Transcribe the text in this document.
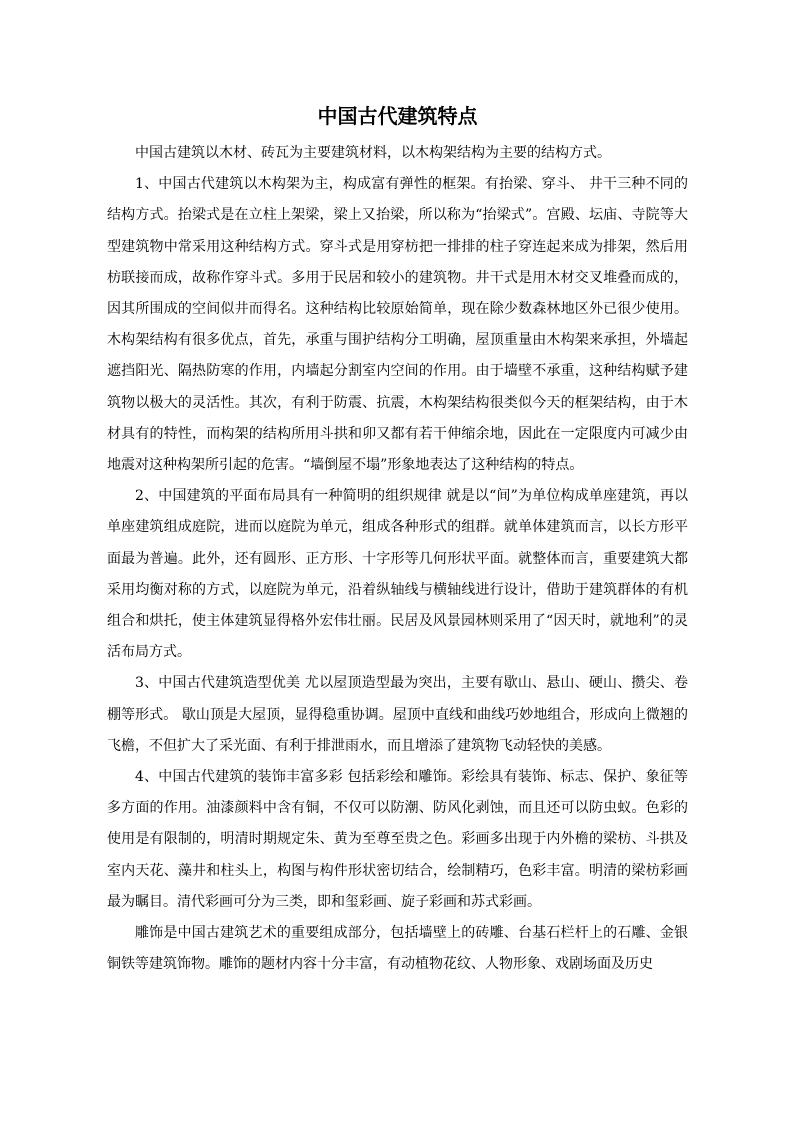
中国古代建筑特点

中国古建筑以木材、砖瓦为主要建筑材料，以木构架结构为主要的结构方式。

1、中国古代建筑以木构架为主，构成富有弹性的框架。有抬梁、穿斗、 井干三种不同的结构方式。抬梁式是在立柱上架梁，梁上又抬梁，所以称为“抬梁式”。宫殿、坛庙、寺院等大型建筑物中常采用这种结构方式。穿斗式是用穿枋把一排排的柱子穿连起来成为排架，然后用枋联接而成，故称作穿斗式。多用于民居和较小的建筑物。井干式是用木材交叉堆叠而成的，因其所围成的空间似井而得名。这种结构比较原始简单，现在除少数森林地区外已很少使用。木构架结构有很多优点，首先，承重与围护结构分工明确，屋顶重量由木构架来承担，外墙起遮挡阳光、隔热防寒的作用，内墙起分割室内空间的作用。由于墙壁不承重，这种结构赋予建筑物以极大的灵活性。其次，有利于防震、抗震，木构架结构很类似今天的框架结构，由于木材具有的特性，而构架的结构所用斗拱和卯又都有若干伸缩余地，因此在一定限度内可减少由地震对这种构架所引起的危害。“墙倒屋不塌”形象地表达了这种结构的特点。

2、中国建筑的平面布局具有一种简明的组织规律 就是以“间”为单位构成单座建筑，再以单座建筑组成庭院，进而以庭院为单元，组成各种形式的组群。就单体建筑而言，以长方形平面最为普遍。此外，还有圆形、正方形、十字形等几何形状平面。就整体而言，重要建筑大都采用均衡对称的方式，以庭院为单元，沿着纵轴线与横轴线进行设计，借助于建筑群体的有机组合和烘托，使主体建筑显得格外宏伟壮丽。民居及风景园林则采用了“因天时，就地利”的灵活布局方式。

3、中国古代建筑造型优美 尤以屋顶造型最为突出，主要有歇山、悬山、硬山、攒尖、卷棚等形式。 歇山顶是大屋顶，显得稳重协调。屋顶中直线和曲线巧妙地组合，形成向上微翘的飞檐，不但扩大了采光面、有利于排泄雨水，而且增添了建筑物飞动轻快的美感。

4、中国古代建筑的装饰丰富多彩 包括彩绘和雕饰。彩绘具有装饰、标志、保护、象征等多方面的作用。油漆颜料中含有铜，不仅可以防潮、防风化剥蚀，而且还可以防虫蚁。色彩的使用是有限制的，明清时期规定朱、黄为至尊至贵之色。彩画多出现于内外檐的梁枋、斗拱及室内天花、藻井和柱头上，构图与构件形状密切结合，绘制精巧，色彩丰富。明清的梁枋彩画最为瞩目。清代彩画可分为三类，即和玺彩画、旋子彩画和苏式彩画。

雕饰是中国古建筑艺术的重要组成部分，包括墙壁上的砖雕、台基石栏杆上的石雕、金银铜铁等建筑饰物。雕饰的题材内容十分丰富，有动植物花纹、人物形象、戏剧场面及历史
